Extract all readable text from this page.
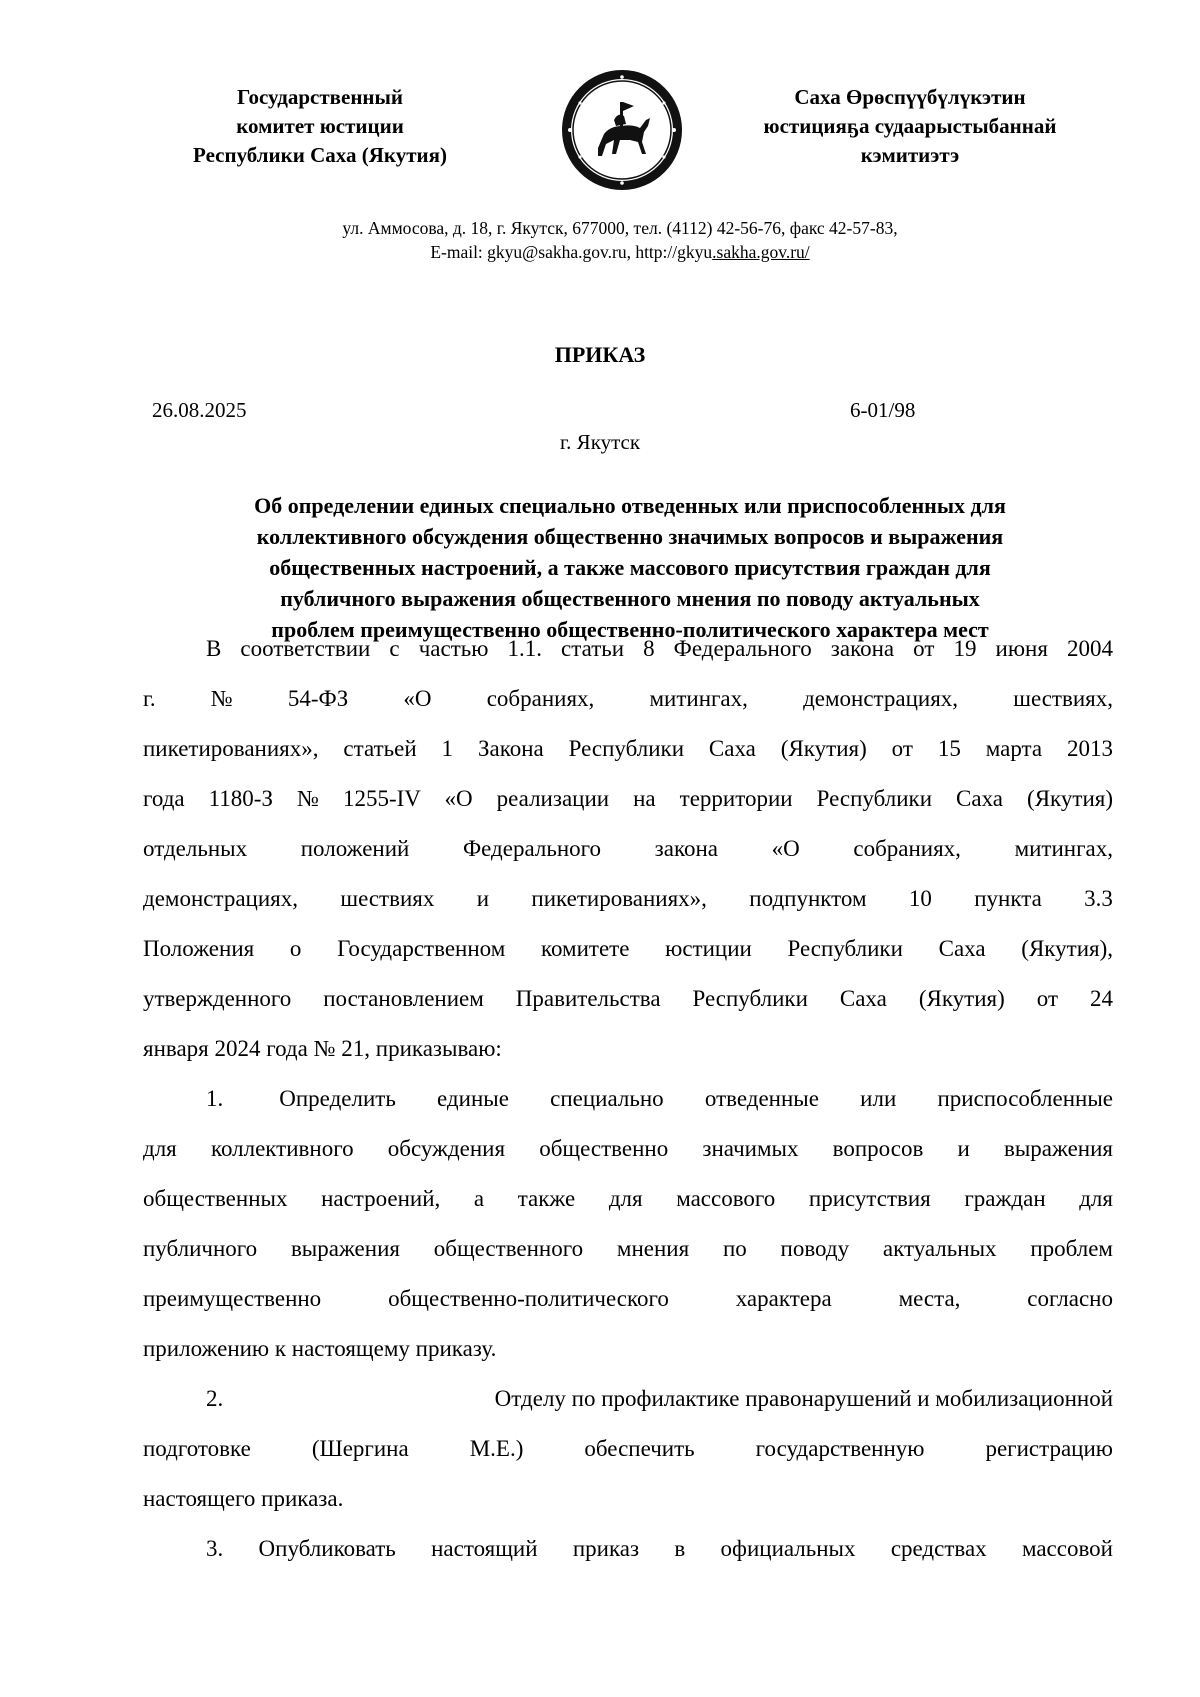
Государственный
комитет юстиции
Республики Саха (Якутия)
Саха Өрөспүүбүлүкэтин
юстицияҕа судаарыстыбаннай
кэмитиэтэ
ул. Аммосова, д. 18, г. Якутск, 677000, тел. (4112) 42-56-76, факс 42-57-83,
E-mail: gkyu@sakha.gov.ru, http://gkyu.sakha.gov.ru/
ПРИКАЗ
26.08.2025	6-01/98
г. Якутск
Об определении единых специально отведенных или приспособленных для
коллективного обсуждения общественно значимых вопросов и выражения
общественных настроений, а также массового присутствия граждан для
публичного выражения общественного мнения по поводу актуальных
проблем преимущественно общественно-политического характера мест
В соответствии с частью 1.1. статьи 8 Федерального закона от 19 июня 2004
г. № 54-ФЗ «О собраниях, митингах, демонстрациях, шествиях,
пикетированиях», статьей 1 Закона Республики Саха (Якутия) от 15 марта 2013
года 1180-З № 1255-IV «О реализации на территории Республики Саха (Якутия)
отдельных положений Федерального закона «О собраниях, митингах,
демонстрациях, шествиях и пикетированиях», подпунктом 10 пункта 3.3
Положения о Государственном комитете юстиции Республики Саха (Якутия),
утвержденного постановлением Правительства Республики Саха (Якутия) от 24
января 2024 года № 21, приказываю:
1. Определить единые специально отведенные или приспособленные
для коллективного обсуждения общественно значимых вопросов и выражения
общественных настроений, а также для массового присутствия граждан для
публичного выражения общественного мнения по поводу актуальных проблем
преимущественно	общественно-политического	характера	места,	согласно
приложению к настоящему приказу.
2.	Отделу по профилактике правонарушений и мобилизационной
подготовке	(Шергина	М.Е.)	обеспечить	государственную	регистрацию
настоящего приказа.
3. Опубликовать настоящий приказ в официальных средствах массовой
